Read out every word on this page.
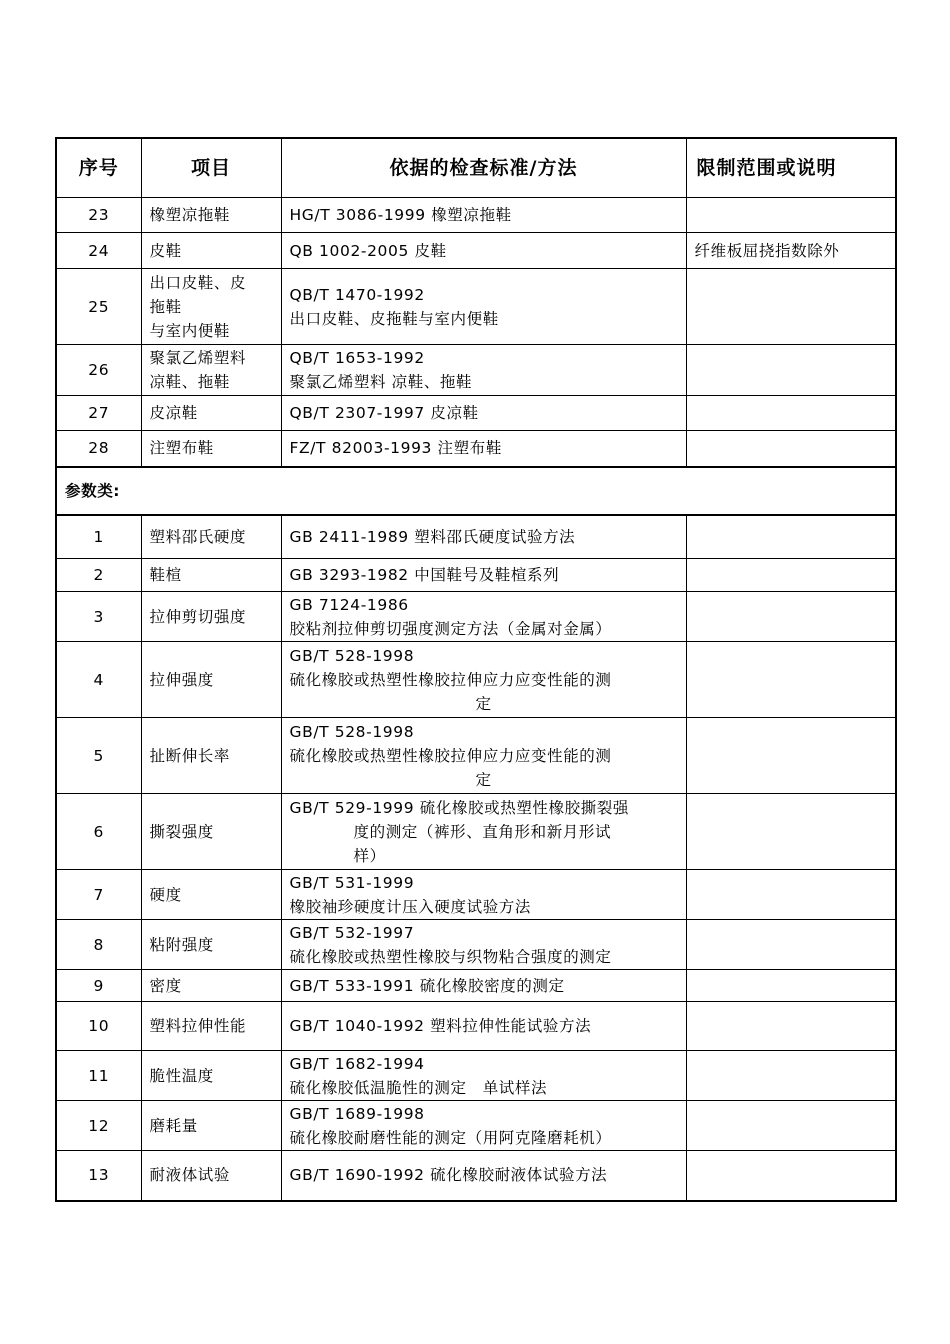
序号	项目	依据的检查标准/方法	限制范围或说明
23	橡塑凉拖鞋	HG/T 3086-1999 橡塑凉拖鞋	

24	皮鞋	QB 1002-2005 皮鞋	纤维板屈挠指数除外
25	出口皮鞋、皮
拖鞋
与室内便鞋	QB/T 1470-1992
出口皮鞋、皮拖鞋与室内便鞋	

26	聚氯乙烯塑料
凉鞋、拖鞋	QB/T 1653-1992
聚氯乙烯塑料 凉鞋、拖鞋	

27	皮凉鞋	QB/T 2307-1997 皮凉鞋	

28	注塑布鞋	FZ/T 82003-1993 注塑布鞋	

参数类:			
1	塑料邵氏硬度	GB 2411-1989 塑料邵氏硬度试验方法	

2	鞋楦	GB 3293-1982 中国鞋号及鞋楦系列	

3	拉伸剪切强度	GB 7124-1986
胶粘剂拉伸剪切强度测定方法（金属对金属）	

4	拉伸强度	GB/T 528-1998
硫化橡胶或热塑性橡胶拉伸应力应变性能的测
定	

5	扯断伸长率	GB/T 528-1998
硫化橡胶或热塑性橡胶拉伸应力应变性能的测
定	

6	撕裂强度	GB/T 529-1999 硫化橡胶或热塑性橡胶撕裂强
度的测定（裤形、直角形和新月形试
样）	

7	硬度	GB/T 531-1999
橡胶袖珍硬度计压入硬度试验方法	

8	粘附强度	GB/T 532-1997
硫化橡胶或热塑性橡胶与织物粘合强度的测定	

9	密度	GB/T 533-1991 硫化橡胶密度的测定	

10	塑料拉伸性能	GB/T 1040-1992 塑料拉伸性能试验方法	

11	脆性温度	GB/T 1682-1994
硫化橡胶低温脆性的测定　单试样法	

12	磨耗量	GB/T 1689-1998
硫化橡胶耐磨性能的测定（用阿克隆磨耗机）	

13	耐液体试验	GB/T 1690-1992 硫化橡胶耐液体试验方法	
